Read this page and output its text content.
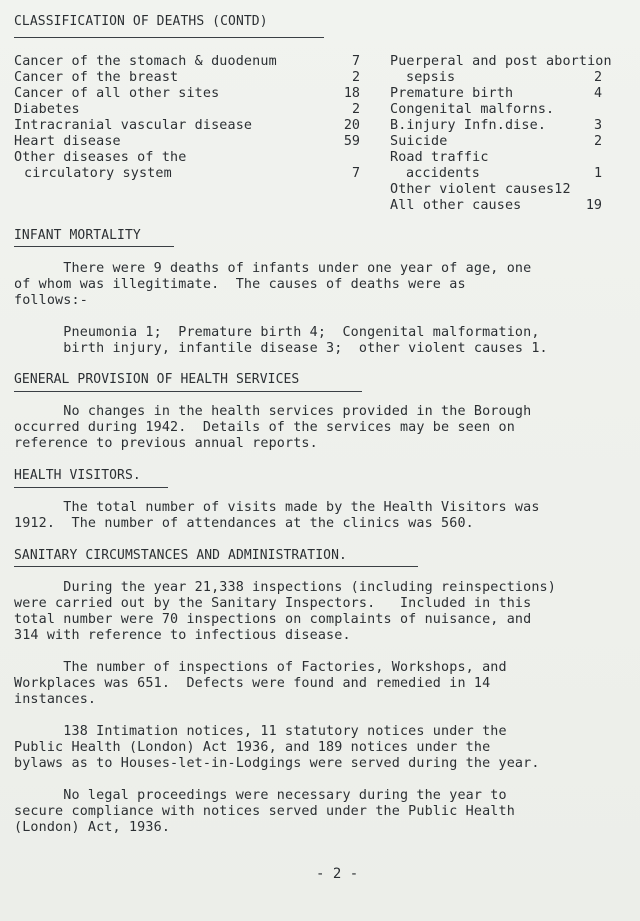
CLASSIFICATION OF DEATHS (CONTD)
Cancer of the stomach & duodenum	7
Cancer of the breast	2
Cancer of all other sites	18
Diabetes	2
Intracranial vascular disease	20
Heart disease	59
Other diseases of the
circulatory system	7
Puerperal and post abortion
sepsis	2
Premature birth	4
Congenital malforns.
B.injury Infn.dise.	3
Suicide	2
Road traffic
accidents	1
Other violent causes12
All other causes	19
INFANT MORTALITY
There were 9 deaths of infants under one year of age, one
of whom was illegitimate.  The causes of deaths were as
follows:-
Pneumonia 1;  Premature birth 4;  Congenital malformation,
birth injury, infantile disease 3;  other violent causes 1.
GENERAL PROVISION OF HEALTH SERVICES
No changes in the health services provided in the Borough
occurred during 1942.  Details of the services may be seen on
reference to previous annual reports.
HEALTH VISITORS.
The total number of visits made by the Health Visitors was
1912.  The number of attendances at the clinics was 560.
SANITARY CIRCUMSTANCES AND ADMINISTRATION.
During the year 21,338 inspections (including reinspections)
were carried out by the Sanitary Inspectors.   Included in this
total number were 70 inspections on complaints of nuisance, and
314 with reference to infectious disease.
The number of inspections of Factories, Workshops, and
Workplaces was 651.  Defects were found and remedied in 14
instances.
138 Intimation notices, 11 statutory notices under the
Public Health (London) Act 1936, and 189 notices under the
bylaws as to Houses-let-in-Lodgings were served during the year.
No legal proceedings were necessary during the year to
secure compliance with notices served under the Public Health
(London) Act, 1936.
- 2 -
